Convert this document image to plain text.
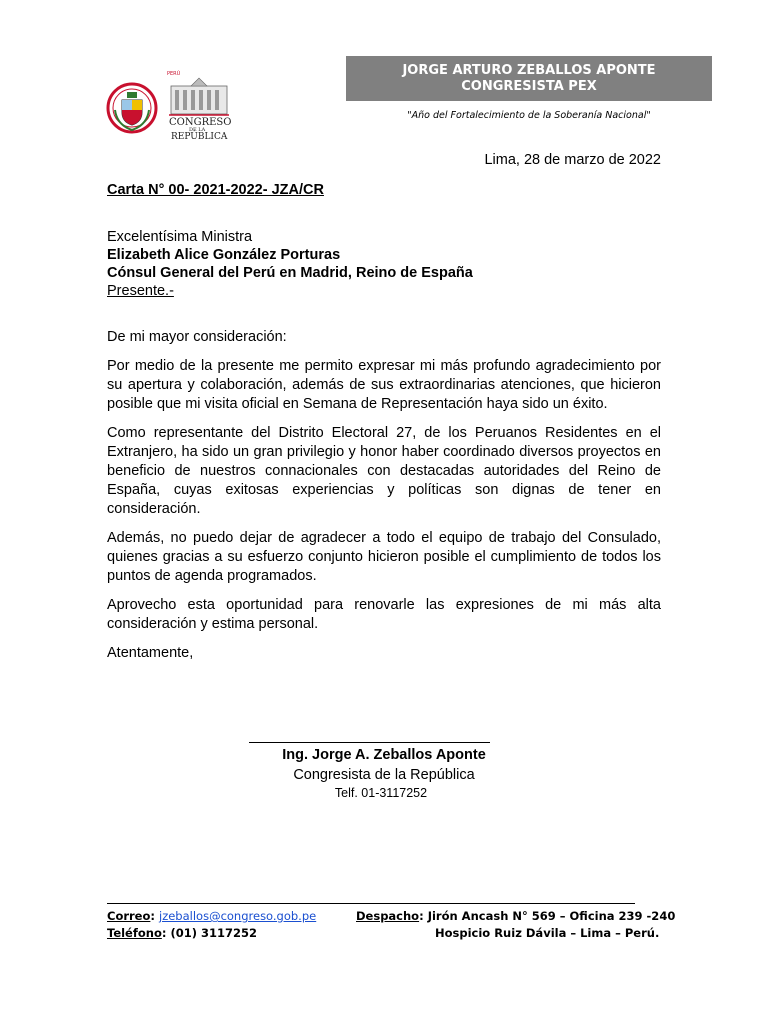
PERÚ
CONGRESO
DE LA
REPÚBLICA
JORGE ARTURO ZEBALLOS APONTE
CONGRESISTA PEX
"Año del Fortalecimiento de la Soberanía Nacional"
Lima, 28 de marzo de 2022
Carta N° 00- 2021-2022- JZA/CR
Excelentísima Ministra
Elizabeth Alice González Porturas
Cónsul General del Perú en Madrid, Reino de España
Presente.-

De mi mayor consideración:

Por medio de la presente me permito expresar mi más profundo agradecimiento por su apertura y colaboración, además de sus extraordinarias atenciones, que hicieron posible que mi visita oficial en Semana de Representación haya sido un éxito.

Como representante del Distrito Electoral 27, de los Peruanos Residentes en el Extranjero, ha sido un gran privilegio y honor haber coordinado diversos proyectos en beneficio de nuestros connacionales con destacadas autoridades del Reino de España, cuyas exitosas experiencias y políticas son dignas de tener en consideración.

Además, no puedo dejar de agradecer a todo el equipo de trabajo del Consulado, quienes gracias a su esfuerzo conjunto hicieron posible el cumplimiento de todos los puntos de agenda programados.

Aprovecho esta oportunidad para renovarle las expresiones de mi más alta consideración y estima personal.

Atentamente,

Ing. Jorge A. Zeballos Aponte
Congresista de la República
Telf. 01-3117252
Correo: jzeballos@congreso.gob.pe
Teléfono: (01) 3117252
Despacho: Jirón Ancash N° 569 – Oficina 239 -240
Hospicio Ruiz Dávila – Lima – Perú.
